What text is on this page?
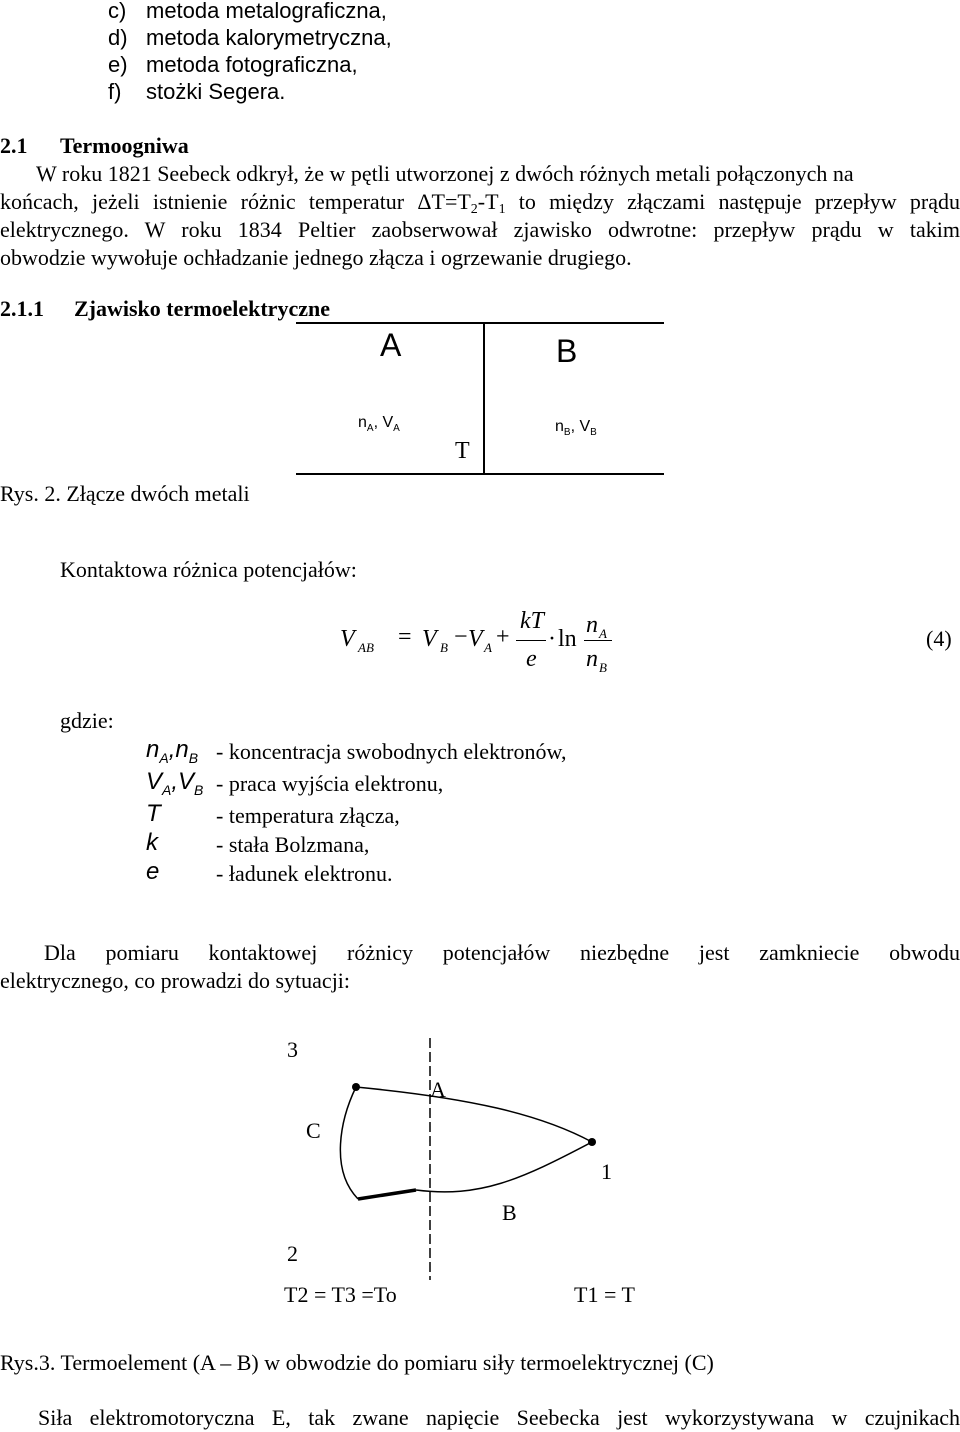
c) metoda metalograficzna,
d) metoda kalorymetryczna,
e) metoda fotograficzna,
f) stożki Segera.
2.1 Termoogniwa
W roku 1821 Seebeck odkrył, że w pętli utworzonej z dwóch różnych metali połączonych na
końcach, jeżeli istnienie różnic temperatur $\Delta T=T_2-T_1$ to między złączami następuje przepływ prądu
elektrycznego. W roku 1834 Peltier zaobserwował zjawisko odwrotne: przepływ prądu w takim
obwodzie wywołuje ochładzanie jednego złącza i ogrzewanie drugiego.
2.1.1 Zjawisko termoelektryczne
A	B
$n_A$, $V_A$	$n_B$, $V_B$
T
Rys. 2. Złącze dwóch metali
Kontaktowa różnica potencjałów:
V AB = V B − V A +
kT
e
· ln
n A
n B
(4)
gdzie:
$n_A,n_B$ - koncentracja swobodnych elektronów,
$V_A,V_B$ - praca wyjścia elektronu,
T	- temperatura złącza,
k	- stała Bolzmana,
e	- ładunek elektronu.
Dla pomiaru kontaktowej różnicy potencjałów niezbędne jest zamkniecie obwodu
elektrycznego, co prowadzi do sytuacji:
3
A
C
1
B
2
T2 = T3 =To	T1 = T
Rys.3. Termoelement (A – B) w obwodzie do pomiaru siły termoelektrycznej (C)
Siła elektromotoryczna E, tak zwane napięcie Seebecka jest wykorzystywana w czujnikach
